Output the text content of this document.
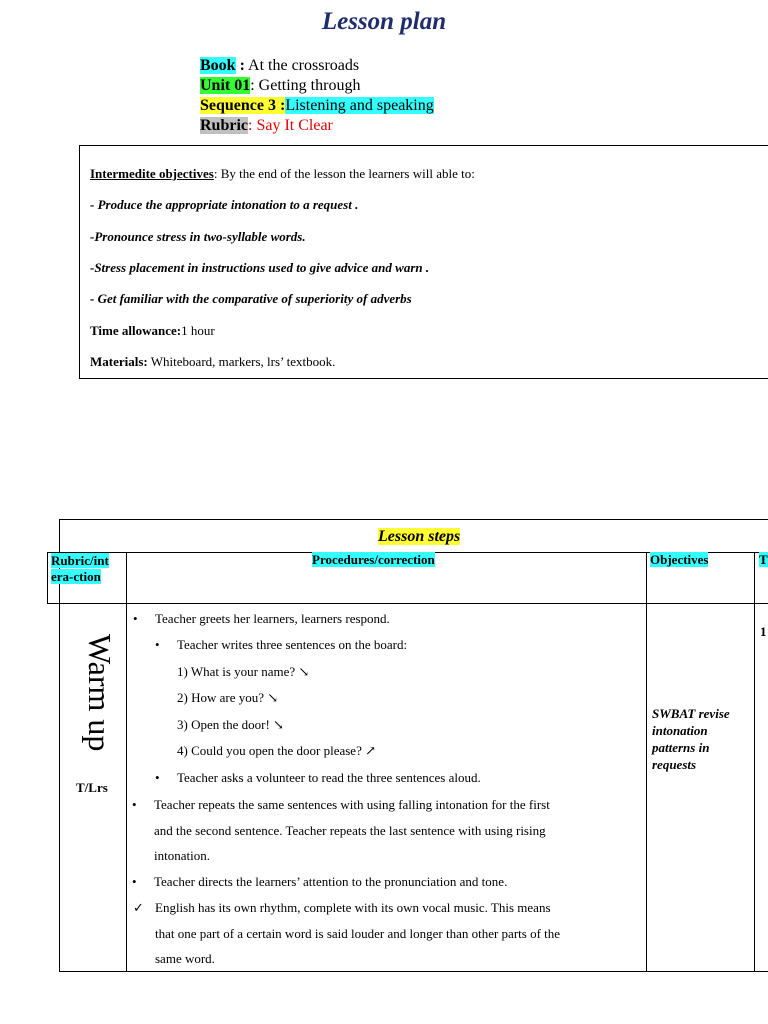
Lesson plan
Book : At the crossroads
Unit 01: Getting through
Sequence 3 :Listening and speaking
Rubric: Say It Clear
Intermedite objectives: By the end of the lesson the learners will able to:
- Produce the appropriate intonation to a request .
-Pronounce stress in two-syllable words.
-Stress placement in instructions used to give advice and warn .
- Get familiar with the comparative of superiority of adverbs
Time allowance:1 hour
Materials: Whiteboard, markers, lrs’ textbook.
Lesson steps
Rubric/int
era-ction
Procedures/correction	Objectives	T
Warm up
T/Lrs
• Teacher greets her learners, learners respond.
• Teacher writes three sentences on the board:
1) What is your name? ↘
2) How are you? ↘
3) Open the door! ↘
4) Could you open the door please? ↗
• Teacher asks a volunteer to read the three sentences aloud.
• Teacher repeats the same sentences with using falling intonation for the first
and the second sentence. Teacher repeats the last sentence with using rising
intonation.
• Teacher directs the learners’ attention to the pronunciation and tone.
✓ English has its own rhythm, complete with its own vocal music. This means
that one part of a certain word is said louder and longer than other parts of the
same word.
SWBAT revise intonation patterns in requests
1
